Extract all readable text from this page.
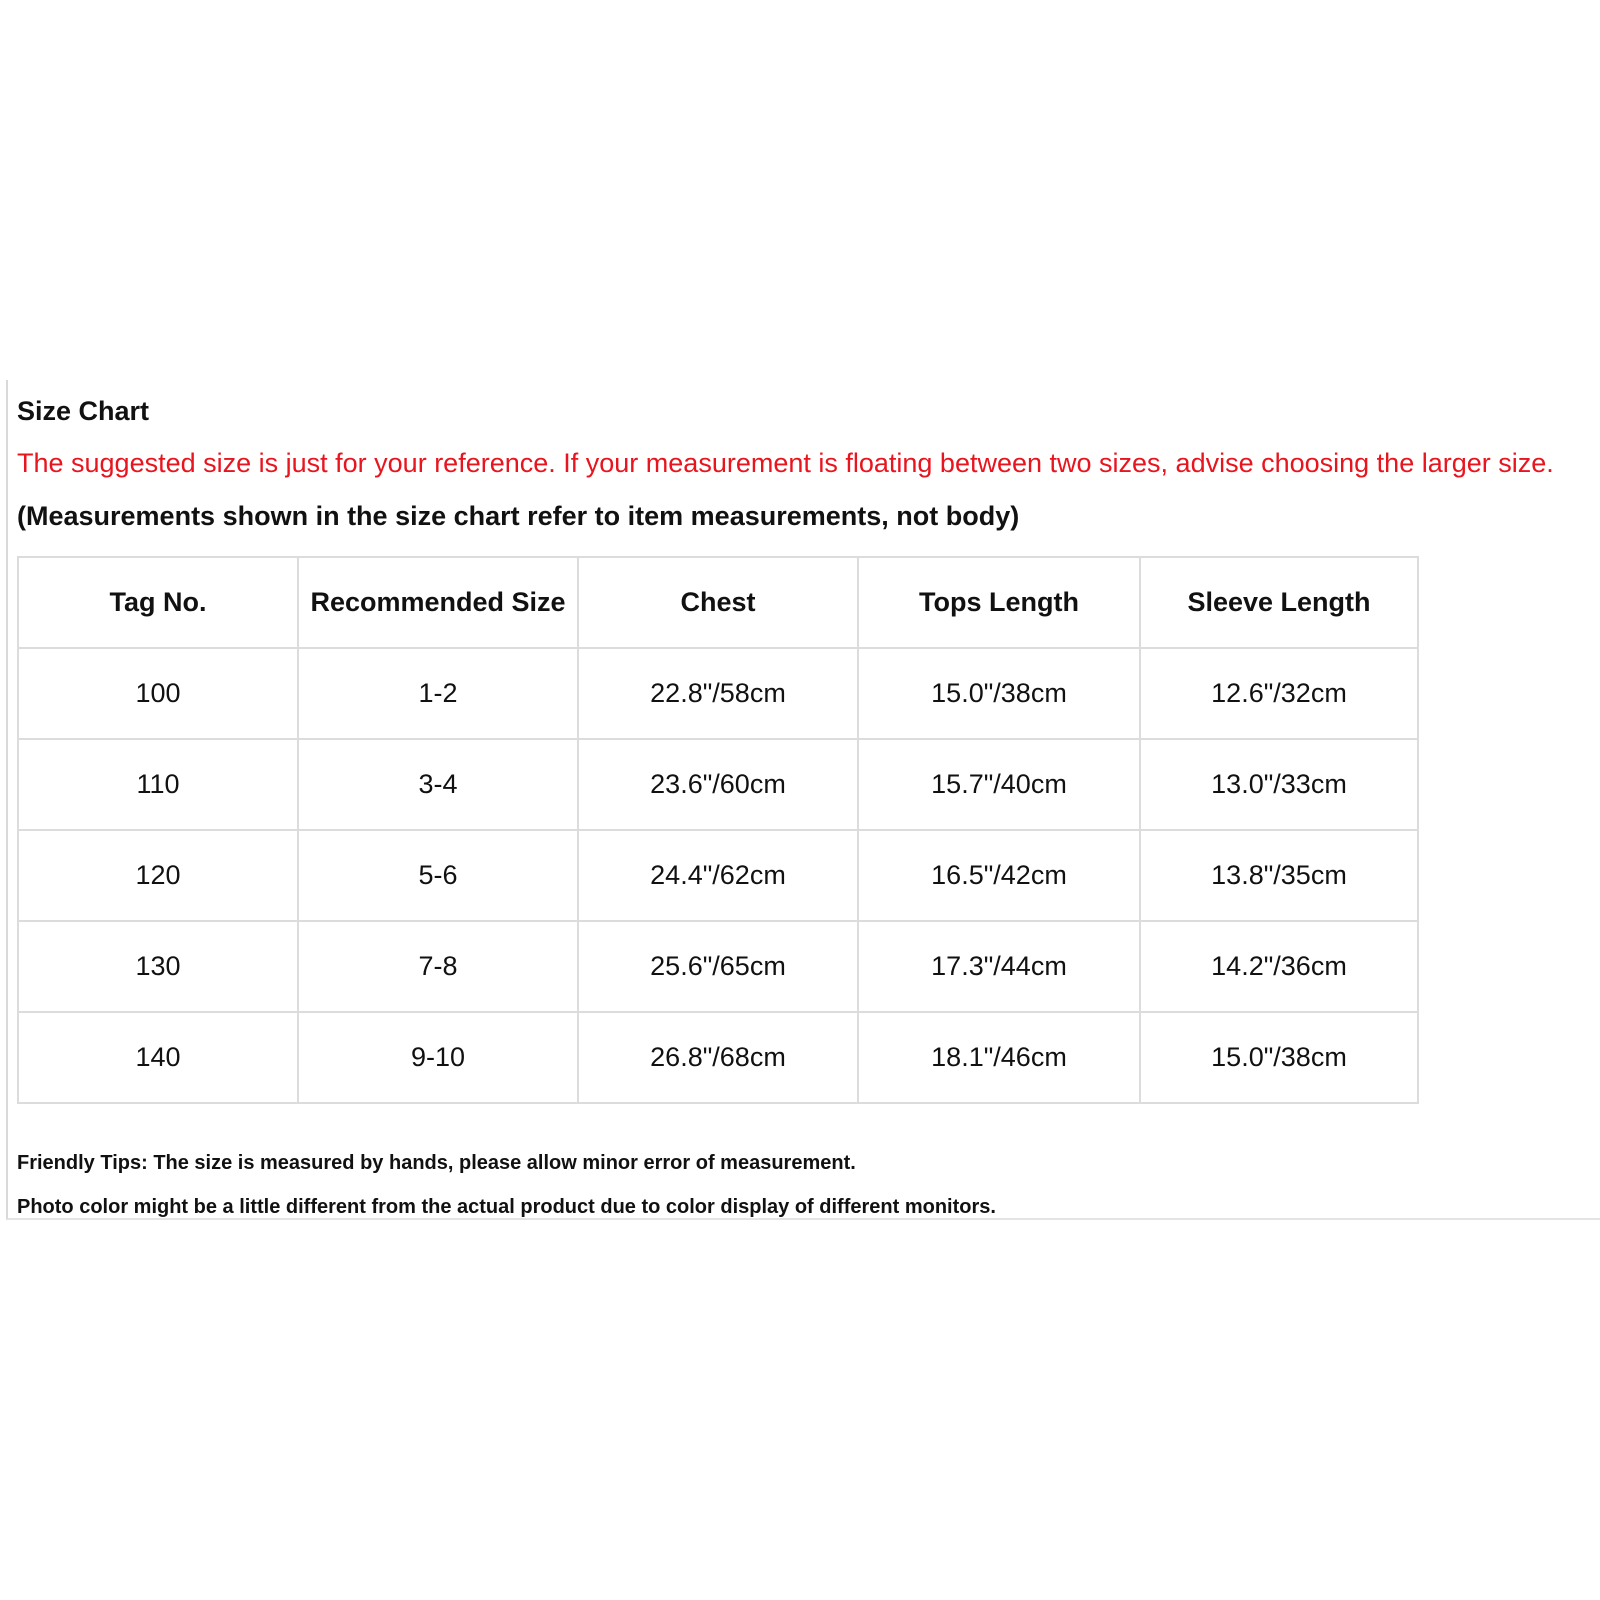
Size Chart
The suggested size is just for your reference. If your measurement is floating between two sizes, advise choosing the larger size.
(Measurements shown in the size chart refer to item measurements, not body)
Tag No.	Recommended Size	Chest	Tops Length	Sleeve Length
100	1-2	22.8"/58cm	15.0"/38cm	12.6"/32cm
110	3-4	23.6"/60cm	15.7"/40cm	13.0"/33cm
120	5-6	24.4"/62cm	16.5"/42cm	13.8"/35cm
130	7-8	25.6"/65cm	17.3"/44cm	14.2"/36cm
140	9-10	26.8"/68cm	18.1"/46cm	15.0"/38cm
Friendly Tips: The size is measured by hands, please allow minor error of measurement.
Photo color might be a little different from the actual product due to color display of different monitors.
